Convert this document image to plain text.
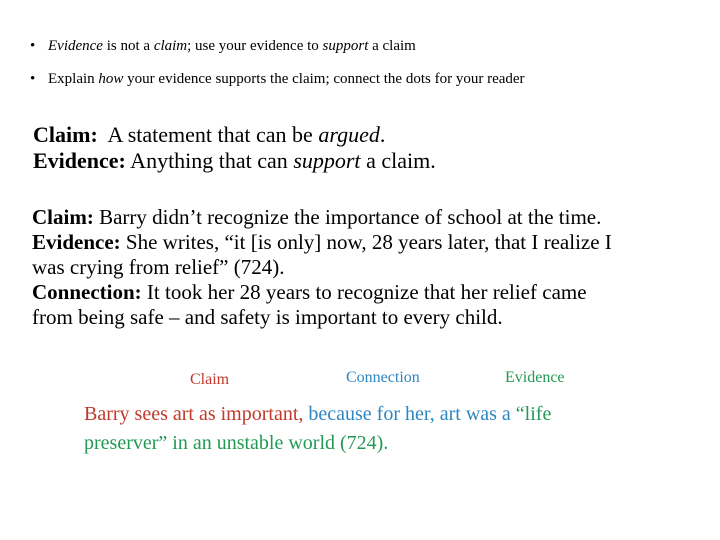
• Evidence is not a claim; use your evidence to support a claim
• Explain how your evidence supports the claim; connect the dots for your reader
Claim:  A statement that can be argued.
Evidence: Anything that can support a claim.
Claim: Barry didn’t recognize the importance of school at the time.
Evidence: She writes, “it [is only] now, 28 years later, that I realize I
was crying from relief” (724).
Connection: It took her 28 years to recognize that her relief came
from being safe – and safety is important to every child.
Claim	Connection	Evidence
Barry sees art as important, because for her, art was a “life
preserver” in an unstable world (724).
